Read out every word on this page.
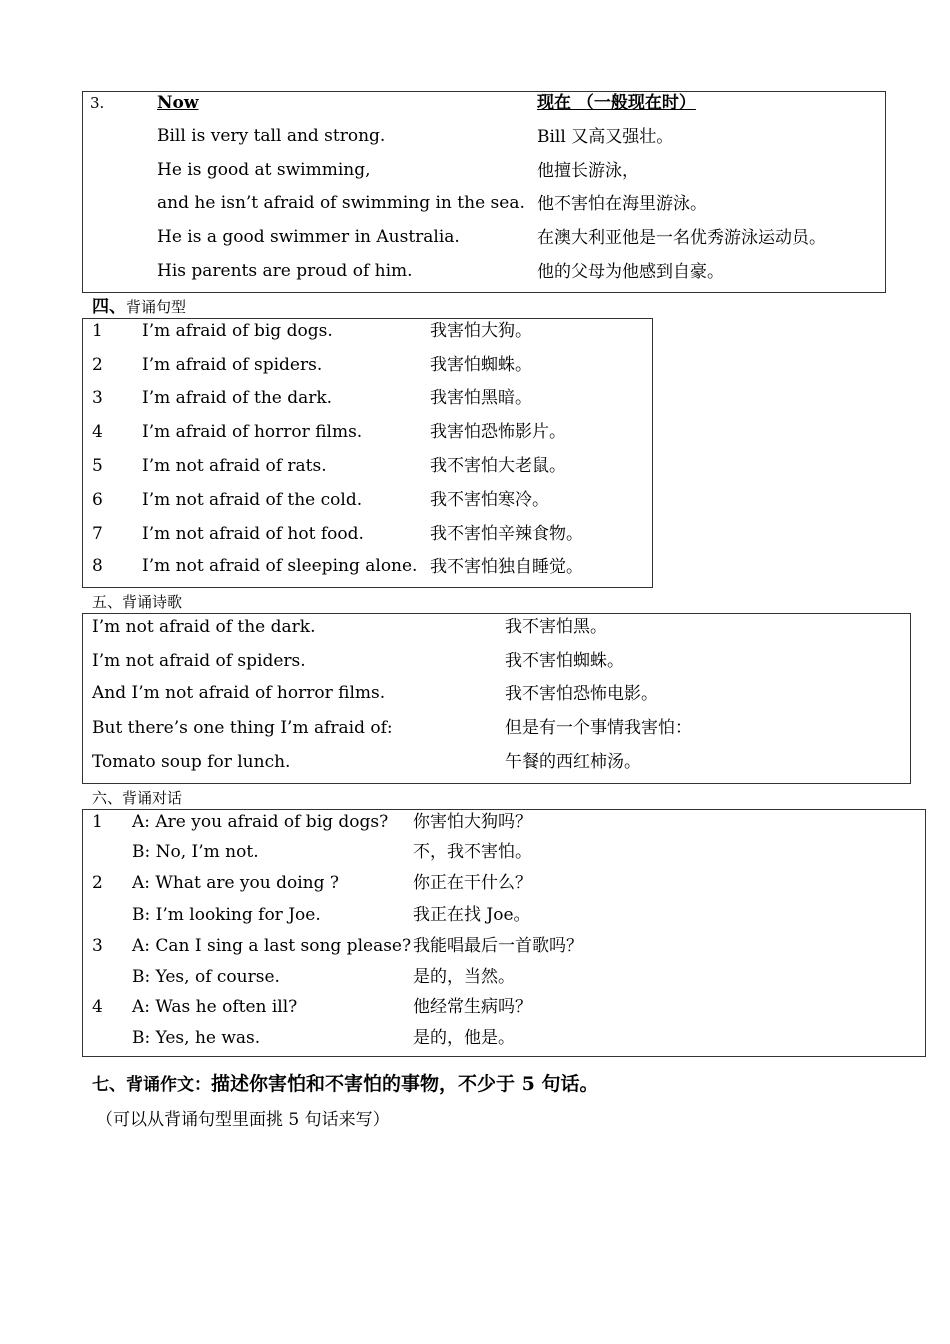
3.	Now	现在 （一般现在时）
Bill is very tall and strong.	Bill 又高又强壮。
He is good at swimming,	他擅长游泳，
and he isn’t afraid of swimming in the sea. 他不害怕在海里游泳。
He is a good swimmer in Australia.	在澳大利亚他是一名优秀游泳运动员。
His parents are proud of him.	他的父母为他感到自豪。
四、背诵句型
1 I’m afraid of big dogs.	我害怕大狗。
2 I’m afraid of spiders.	我害怕蜘蛛。
3 I’m afraid of the dark.	我害怕黑暗。
4 I’m afraid of horror films.	我害怕恐怖影片。
5 I’m not afraid of rats.	我不害怕大老鼠。
6 I’m not afraid of the cold.	我不害怕寒冷。
7 I’m not afraid of hot food.	我不害怕辛辣食物。
8 I’m not afraid of sleeping alone. 我不害怕独自睡觉。
五、背诵诗歌
I’m not afraid of the dark.	我不害怕黑。
I’m not afraid of spiders.	我不害怕蜘蛛。
And I’m not afraid of horror films.	我不害怕恐怖电影。
But there’s one thing I’m afraid of:	但是有一个事情我害怕：
Tomato soup for lunch.	午餐的西红柿汤。
六、背诵对话
1 A: Are you afraid of big dogs? 你害怕大狗吗？
B: No, I’m not.	不，我不害怕。
2 A: What are you doing ?	你正在干什么？
B: I’m looking for Joe.	我正在找 Joe。
3 A: Can I sing a last song please? 我能唱最后一首歌吗？
B: Yes, of course.	是的，当然。
4 A: Was he often ill?	他经常生病吗？
B: Yes, he was.	是的，他是。
七、背诵作文：描述你害怕和不害怕的事物，不少于 5 句话。
（可以从背诵句型里面挑 5 句话来写）
